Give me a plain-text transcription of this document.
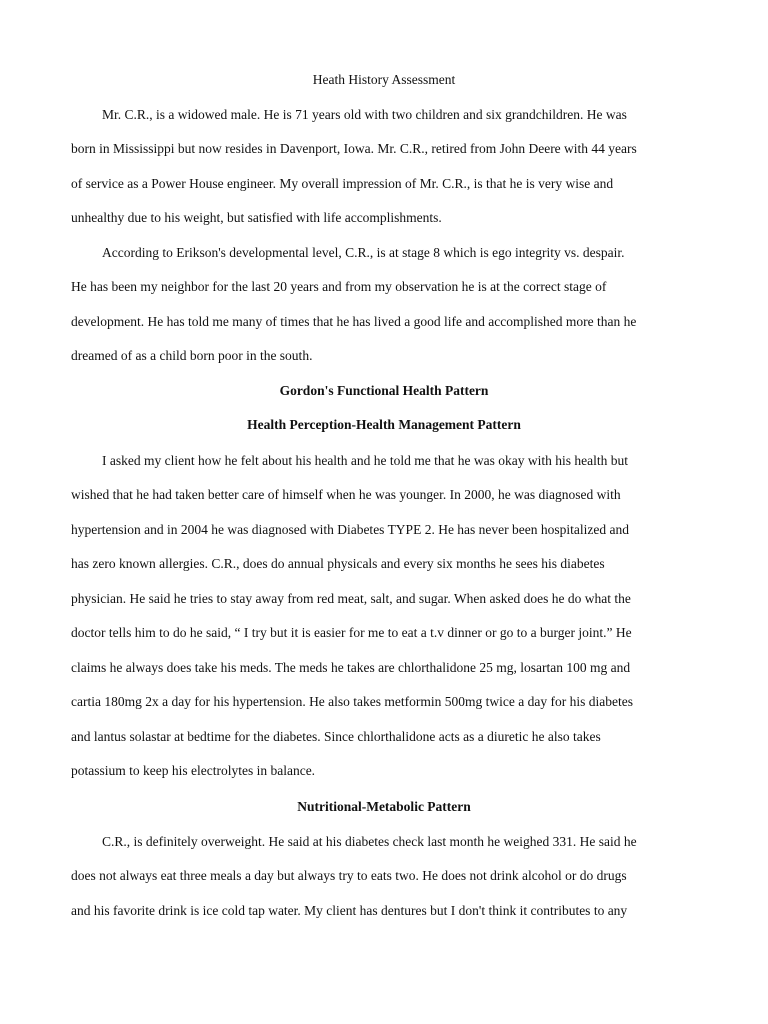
Heath History Assessment
Mr. C.R., is a widowed male. He is 71 years old with two children and six grandchildren. He was
born in Mississippi but now resides in Davenport, Iowa. Mr. C.R., retired from John Deere with 44 years
of service as a Power House engineer. My overall impression of Mr. C.R., is that he is very wise and
unhealthy due to his weight, but satisfied with life accomplishments.
According to Erikson's developmental level, C.R., is at stage 8 which is ego integrity vs. despair.
He has been my neighbor for the last 20 years and from my observation he is at the correct stage of
development. He has told me many of times that he has lived a good life and accomplished more than he
dreamed of as a child born poor in the south.
Gordon's Functional Health Pattern
Health Perception-Health Management Pattern
I asked my client how he felt about his health and he told me that he was okay with his health but
wished that he had taken better care of himself when he was younger. In 2000, he was diagnosed with
hypertension and in 2004 he was diagnosed with Diabetes TYPE 2. He has never been hospitalized and
has zero known allergies. C.R., does do annual physicals and every six months he sees his diabetes
physician. He said he tries to stay away from red meat, salt, and sugar. When asked does he do what the
doctor tells him to do he said, “ I try but it is easier for me to eat a t.v dinner or go to a burger joint.” He
claims he always does take his meds. The meds he takes are chlorthalidone 25 mg, losartan 100 mg and
cartia 180mg 2x a day for his hypertension. He also takes metformin 500mg twice a day for his diabetes
and lantus solastar at bedtime for the diabetes. Since chlorthalidone acts as a diuretic he also takes
potassium to keep his electrolytes in balance.
Nutritional-Metabolic Pattern
C.R., is definitely overweight. He said at his diabetes check last month he weighed 331. He said he
does not always eat three meals a day but always try to eats two. He does not drink alcohol or do drugs
and his favorite drink is ice cold tap water. My client has dentures but I don't think it contributes to any
